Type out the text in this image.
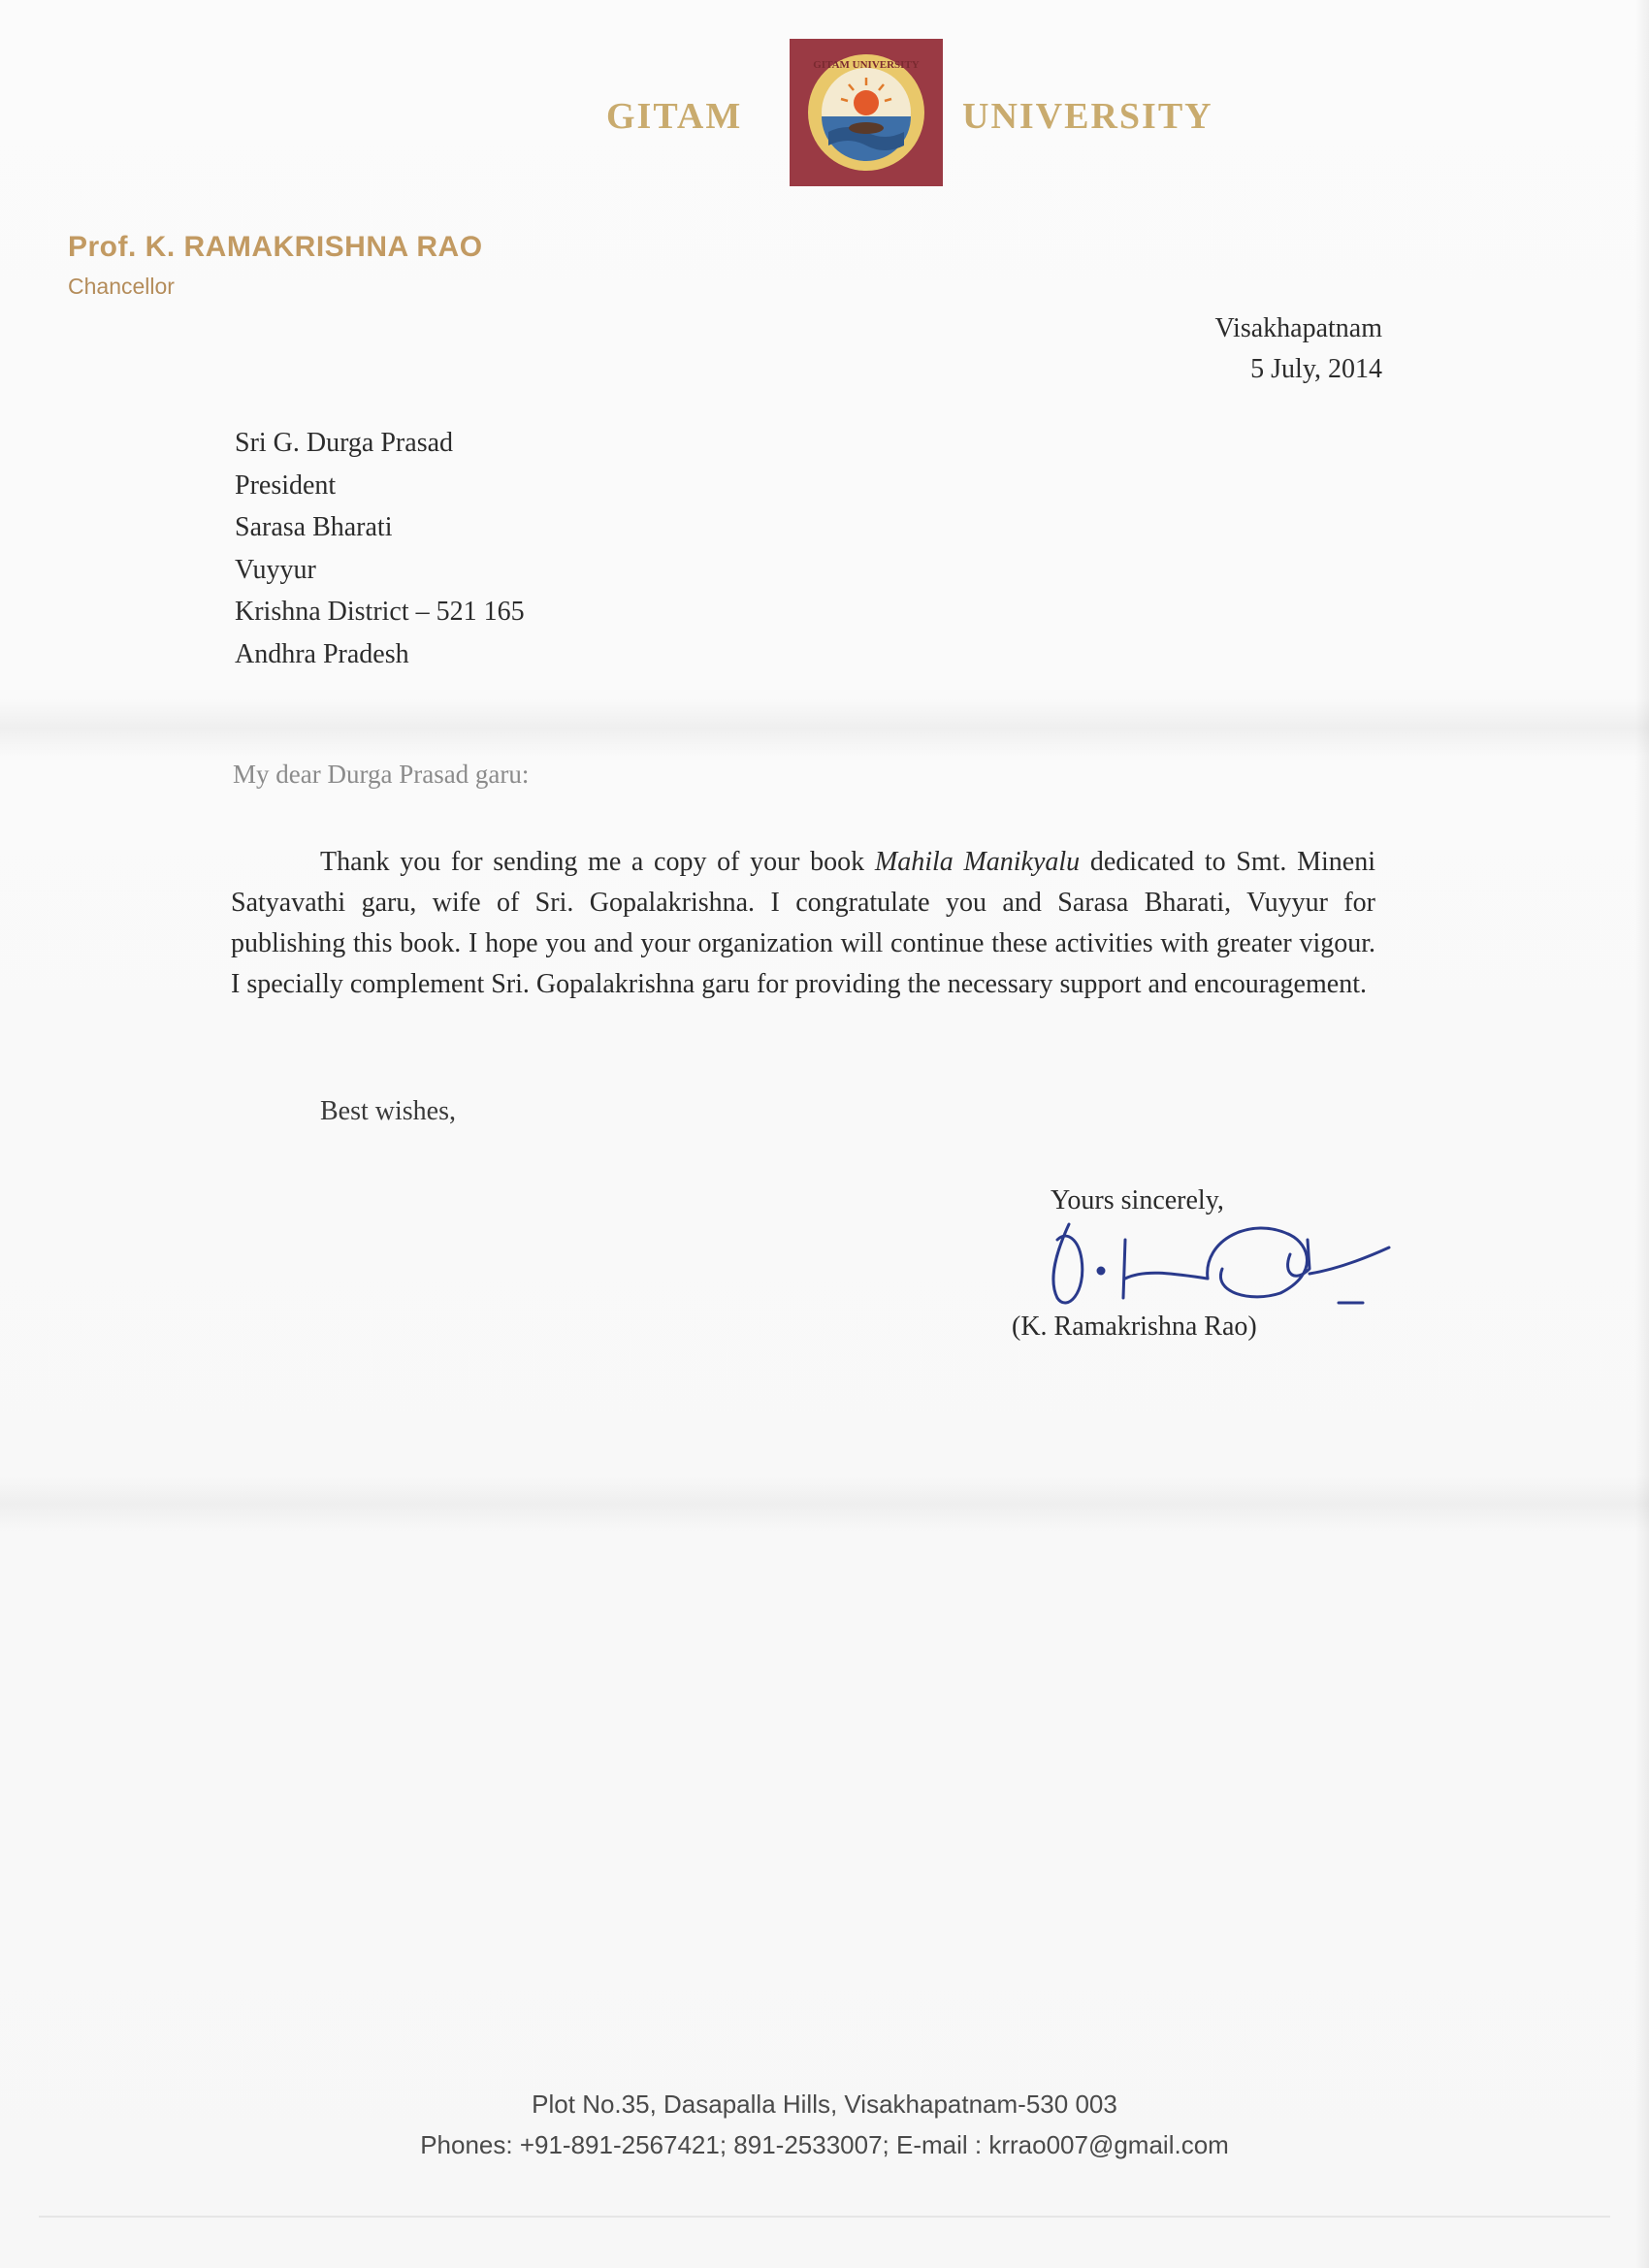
GITAM
GITAM UNIVERSITY
UNIVERSITY
Prof. K. RAMAKRISHNA RAO
Chancellor
Visakhapatnam
5 July, 2014
Sri G. Durga Prasad
President
Sarasa Bharati
Vuyyur
Krishna District – 521 165
Andhra Pradesh
My dear Durga Prasad garu:
Thank you for sending me a copy of your book Mahila Manikyalu dedicated to Smt. Mineni Satyavathi garu, wife of Sri. Gopalakrishna. I congratulate you and Sarasa Bharati, Vuyyur for publishing this book. I hope you and your organization will continue these activities with greater vigour. I specially complement Sri. Gopalakrishna garu for providing the necessary support and encouragement.
Best wishes,
Yours sincerely,
(K. Ramakrishna Rao)
Plot No.35, Dasapalla Hills, Visakhapatnam-530 003
Phones: +91-891-2567421; 891-2533007; E-mail : krrao007@gmail.com
